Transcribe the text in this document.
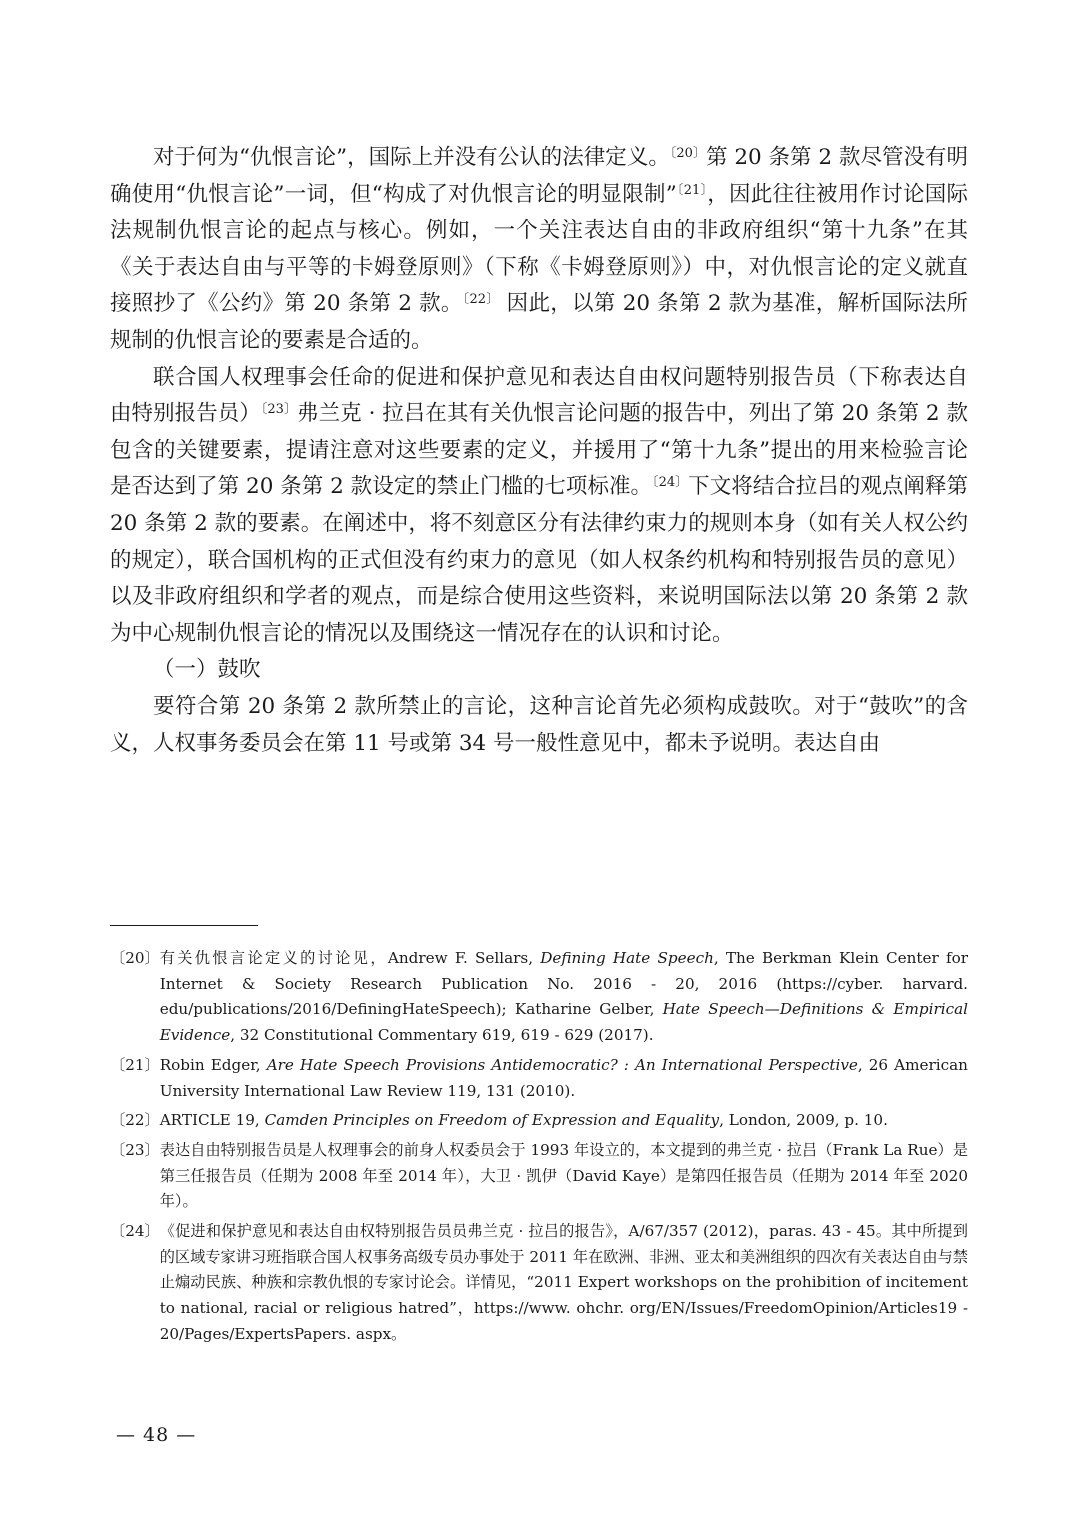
对于何为“仇恨言论”，国际上并没有公认的法律定义。$^{〔20〕}$第 20 条第 2 款尽管没有明确使用“仇恨言论”一词，但“构成了对仇恨言论的明显限制”$^{〔21〕}$，因此往往被用作讨论国际法规制仇恨言论的起点与核心。例如，一个关注表达自由的非政府组织“第十九条”在其《关于表达自由与平等的卡姆登原则》（下称《卡姆登原则》）中，对仇恨言论的定义就直接照抄了《公约》第 20 条第 2 款。$^{〔22〕}$ 因此，以第 20 条第 2 款为基准，解析国际法所规制的仇恨言论的要素是合适的。

联合国人权理事会任命的促进和保护意见和表达自由权问题特别报告员（下称表达自由特别报告员）$^{〔23〕}$弗兰克 · 拉吕在其有关仇恨言论问题的报告中，列出了第 20 条第 2 款包含的关键要素，提请注意对这些要素的定义，并援用了“第十九条”提出的用来检验言论是否达到了第 20 条第 2 款设定的禁止门槛的七项标准。$^{〔24〕}$下文将结合拉吕的观点阐释第 20 条第 2 款的要素。在阐述中，将不刻意区分有法律约束力的规则本身（如有关人权公约的规定），联合国机构的正式但没有约束力的意见（如人权条约机构和特别报告员的意见）以及非政府组织和学者的观点，而是综合使用这些资料，来说明国际法以第 20 条第 2 款为中心规制仇恨言论的情况以及围绕这一情况存在的认识和讨论。

（一）鼓吹

要符合第 20 条第 2 款所禁止的言论，这种言论首先必须构成鼓吹。对于“鼓吹”的含义，人权事务委员会在第 11 号或第 34 号一般性意见中，都未予说明。表达自由

〔20〕 有关仇恨言论定义的讨论见，Andrew F. Sellars, Defining Hate Speech, The Berkman Klein Center for Internet & Society Research Publication No. 2016 - 20, 2016 (https://cyber. harvard. edu/publications/2016/DefiningHateSpeech); Katharine Gelber, Hate Speech—Definitions & Empirical Evidence, 32 Constitutional Commentary 619, 619 - 629 (2017).
〔21〕 Robin Edger, Are Hate Speech Provisions Antidemocratic? : An International Perspective, 26 American University International Law Review 119, 131 (2010).
〔22〕 ARTICLE 19, Camden Principles on Freedom of Expression and Equality, London, 2009, p. 10.
〔23〕 表达自由特别报告员是人权理事会的前身人权委员会于 1993 年设立的，本文提到的弗兰克 · 拉吕（Frank La Rue）是第三任报告员（任期为 2008 年至 2014 年），大卫 · 凯伊（David Kaye）是第四任报告员（任期为 2014 年至 2020 年）。
〔24〕 《促进和保护意见和表达自由权特别报告员员弗兰克 · 拉吕的报告》，A/67/357 (2012)，paras. 43 - 45。其中所提到的区域专家讲习班指联合国人权事务高级专员办事处于 2011 年在欧洲、非洲、亚太和美洲组织的四次有关表达自由与禁止煽动民族、种族和宗教仇恨的专家讨论会。详情见，“2011 Expert workshops on the prohibition of incitement to national, racial or religious hatred”，https://www. ohchr. org/EN/Issues/FreedomOpinion/Articles19 - 20/Pages/ExpertsPapers. aspx。
— 48 —
